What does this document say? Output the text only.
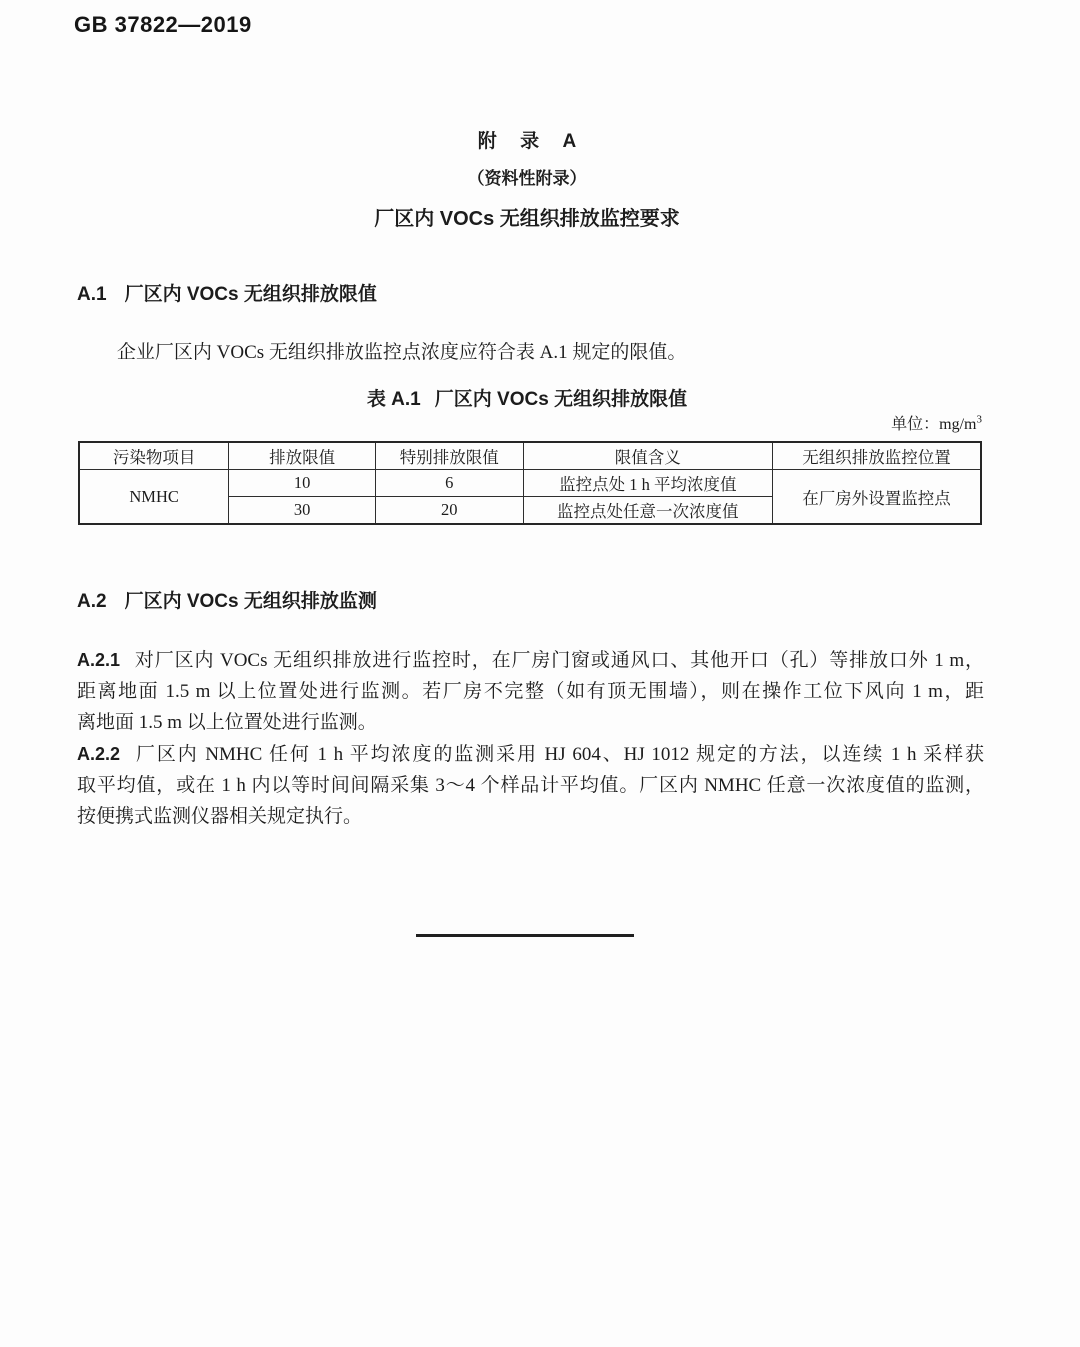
GB 37822—2019
附 录 A
（资料性附录）
厂区内 VOCs 无组织排放监控要求
A.1 厂区内 VOCs 无组织排放限值
企业厂区内 VOCs 无组织排放监控点浓度应符合表 A.1 规定的限值。
表 A.1 厂区内 VOCs 无组织排放限值
单位：$mg/m^3$
污染物项目	排放限值	特别排放限值	限值含义	无组织排放监控位置
NMHC	10	6	监控点处 1 h 平均浓度值	在厂房外设置监控点
	30	20	监控点处任意一次浓度值	
A.2 厂区内 VOCs 无组织排放监测
A.2.1 对厂区内 VOCs 无组织排放进行监控时，在厂房门窗或通风口、其他开口（孔）等排放口外 1 m，
距离地面 1.5 m 以上位置处进行监测。若厂房不完整（如有顶无围墙），则在操作工位下风向 1 m，距
离地面 1.5 m 以上位置处进行监测。
A.2.2 厂区内 NMHC 任何 1 h 平均浓度的监测采用 HJ 604、HJ 1012 规定的方法，以连续 1 h 采样获
取平均值，或在 1 h 内以等时间间隔采集 3～4 个样品计平均值。厂区内 NMHC 任意一次浓度值的监测，
按便携式监测仪器相关规定执行。
